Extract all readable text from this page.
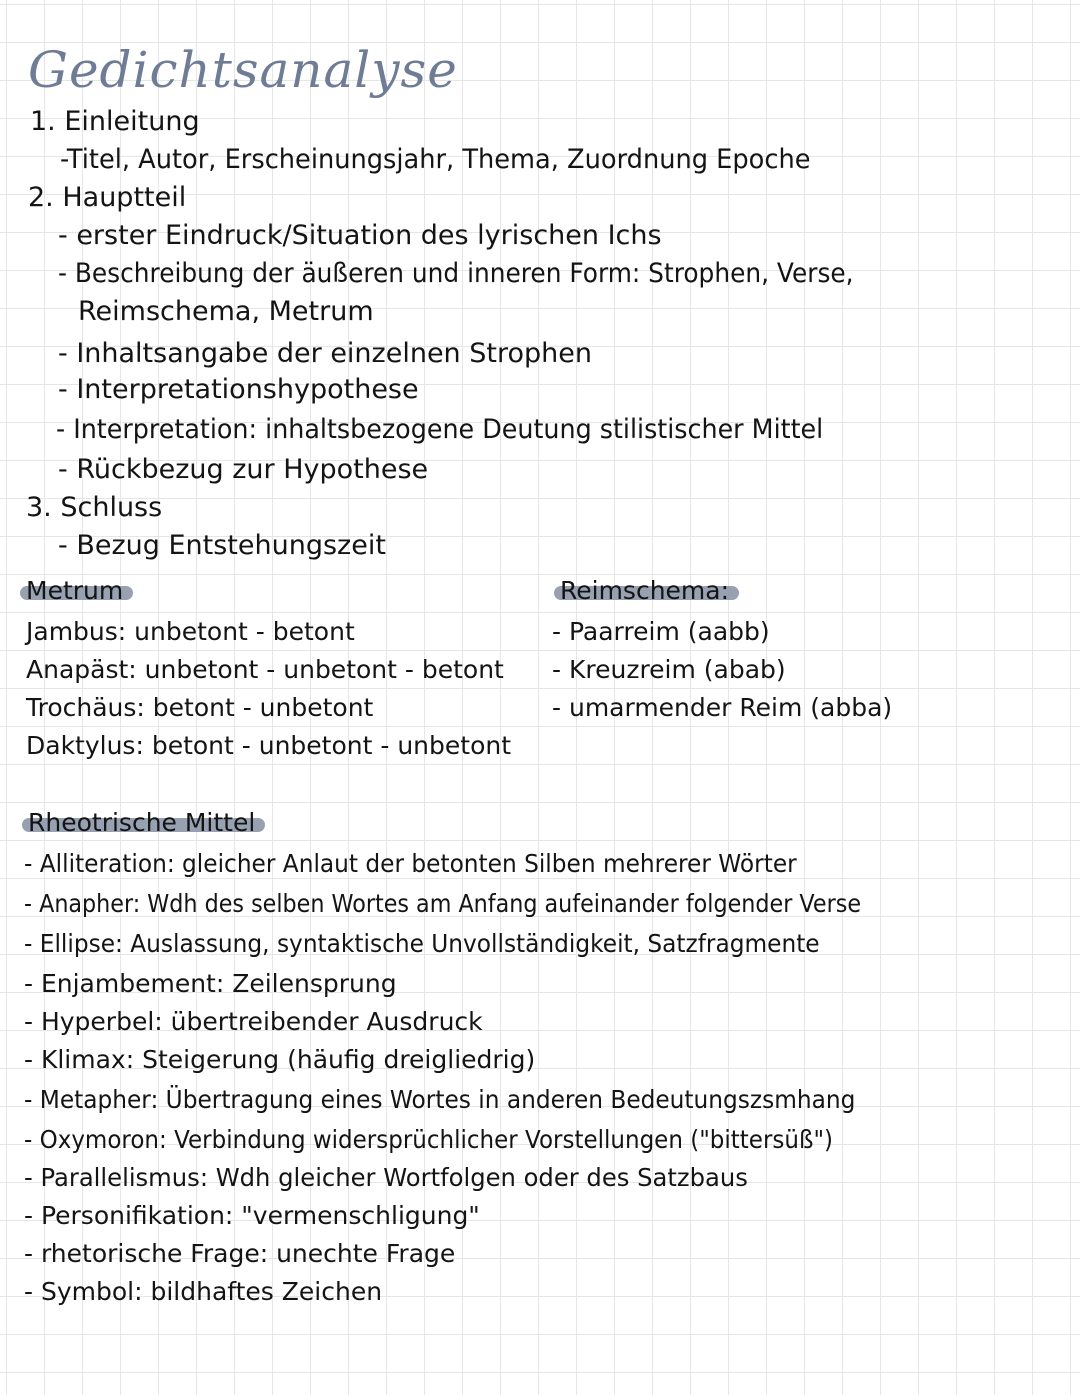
Gedichtsanalyse
1. Einleitung
-Titel, Autor, Erscheinungsjahr, Thema, Zuordnung Epoche
2. Hauptteil
- erster Eindruck/Situation des lyrischen Ichs
- Beschreibung der äußeren und inneren Form: Strophen, Verse,
Reimschema, Metrum
- Inhaltsangabe der einzelnen Strophen
- Interpretationshypothese
- Interpretation: inhaltsbezogene Deutung stilistischer Mittel
- Rückbezug zur Hypothese
3. Schluss
- Bezug Entstehungszeit
Metrum
Jambus: unbetont - betont
Anapäst: unbetont - unbetont - betont
Trochäus: betont - unbetont
Daktylus: betont - unbetont - unbetont
Reimschema:
- Paarreim (aabb)
- Kreuzreim (abab)
- umarmender Reim (abba)
Rheotrische Mittel
- Alliteration: gleicher Anlaut der betonten Silben mehrerer Wörter
- Anapher: Wdh des selben Wortes am Anfang aufeinander folgender Verse
- Ellipse: Auslassung, syntaktische Unvollständigkeit, Satzfragmente
- Enjambement: Zeilensprung
- Hyperbel: übertreibender Ausdruck
- Klimax: Steigerung (häufig dreigliedrig)
- Metapher: Übertragung eines Wortes in anderen Bedeutungszsmhang
- Oxymoron: Verbindung widersprüchlicher Vorstellungen ("bittersüß")
- Parallelismus: Wdh gleicher Wortfolgen oder des Satzbaus
- Personifikation: "vermenschligung"
- rhetorische Frage: unechte Frage
- Symbol: bildhaftes Zeichen
